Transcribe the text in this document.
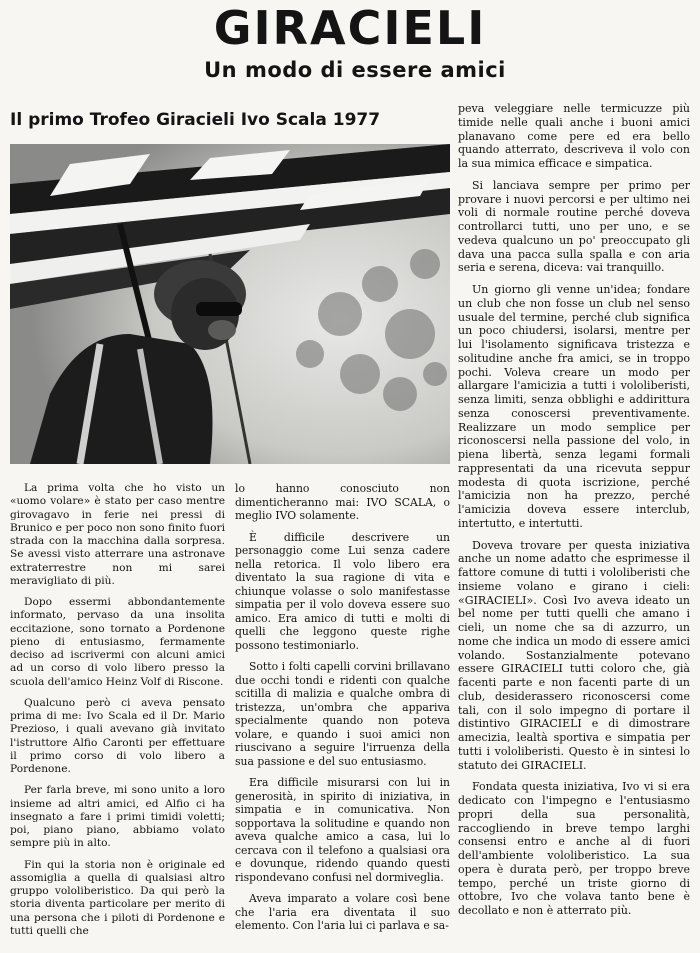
GIRACIELI
Un modo di essere amici
Il primo Trofeo Giracieli Ivo Scala 1977

La prima volta che ho visto un «uomo volare» è stato per caso mentre girovagavo in ferie nei pressi di Brunico e per poco non sono finito fuori strada con la macchina dalla sorpresa. Se avessi visto atterrare una astronave extraterrestre non mi sarei meravigliato di più.

Dopo essermi abbondantemente informato, pervaso da una insolita eccitazione, sono tornato a Pordenone pieno di entusiasmo, fermamente deciso ad iscrivermi con alcuni amici ad un corso di volo libero presso la scuola dell'amico Heinz Volf di Riscone.

Qualcuno però ci aveva pensato prima di me: Ivo Scala ed il Dr. Mario Prezioso, i quali avevano già invitato l'istruttore Alfio Caronti per effettuare il primo corso di volo libero a Pordenone.

Per farla breve, mi sono unito a loro insieme ad altri amici, ed Alfio ci ha insegnato a fare i primi timidi voletti; poi, piano piano, abbiamo volato sempre più in alto.

Fin qui la storia non è originale ed assomiglia a quella di qualsiasi altro gruppo vololiberistico. Da qui però la storia diventa particolare per merito di una persona che i piloti di Pordenone e tutti quelli che

lo hanno conosciuto non dimenticheranno mai: IVO SCALA, o meglio IVO solamente.

È difficile descrivere un personaggio come Lui senza cadere nella retorica. Il volo libero era diventato la sua ragione di vita e chiunque volasse o solo manifestasse simpatia per il volo doveva essere suo amico. Era amico di tutti e molti di quelli che leggono queste righe possono testimoniarlo.

Sotto i folti capelli corvini brillavano due occhi tondi e ridenti con qualche scitilla di malizia e qualche ombra di tristezza, un'ombra che appariva specialmente quando non poteva volare, e quando i suoi amici non riuscivano a seguire l'irruenza della sua passione e del suo entusiasmo.

Era difficile misurarsi con lui in generosità, in spirito di iniziativa, in simpatia e in comunicativa. Non sopportava la solitudine e quando non aveva qualche amico a casa, lui lo cercava con il telefono a qualsiasi ora e dovunque, ridendo quando questi rispondevano confusi nel dormiveglia.

Aveva imparato a volare così bene che l'aria era diventata il suo elemento. Con l'aria lui ci parlava e sa-

peva veleggiare nelle termicuzze più timide nelle quali anche i buoni amici planavano come pere ed era bello quando atterrato, descriveva il volo con la sua mimica efficace e simpatica.

Si lanciava sempre per primo per provare i nuovi percorsi e per ultimo nei voli di normale routine perché doveva controllarci tutti, uno per uno, e se vedeva qualcuno un po' preoccupato gli dava una pacca sulla spalla e con aria seria e serena, diceva: vai tranquillo.

Un giorno gli venne un'idea; fondare un club che non fosse un club nel senso usuale del termine, perché club significa un poco chiudersi, isolarsi, mentre per lui l'isolamento significava tristezza e solitudine anche fra amici, se in troppo pochi. Voleva creare un modo per allargare l'amicizia a tutti i vololiberisti, senza limiti, senza obblighi e addirittura senza conoscersi preventivamente. Realizzare un modo semplice per riconoscersi nella passione del volo, in piena libertà, senza legami formali rappresentati da una ricevuta seppur modesta di quota iscrizione, perché l'amicizia non ha prezzo, perché l'amicizia doveva essere interclub, intertutto, e intertutti.

Doveva trovare per questa iniziativa anche un nome adatto che esprimesse il fattore comune di tutti i vololiberisti che insieme volano e girano i cieli: «GIRACIELI». Così Ivo aveva ideato un bel nome per tutti quelli che amano i cieli, un nome che sa di azzurro, un nome che indica un modo di essere amici volando. Sostanzialmente potevano essere GIRACIELI tutti coloro che, già facenti parte e non facenti parte di un club, desiderassero riconoscersi come tali, con il solo impegno di portare il distintivo GIRACIELI e di dimostrare amecizia, lealtà sportiva e simpatia per tutti i vololiberisti. Questo è in sintesi lo statuto dei GIRACIELI.

Fondata questa iniziativa, Ivo vi si era dedicato con l'impegno e l'entusiasmo propri della sua personalità, raccogliendo in breve tempo larghi consensi entro e anche al di fuori dell'ambiente vololiberistico. La sua opera è durata però, per troppo breve tempo, perché un triste giorno di ottobre, Ivo che volava tanto bene è decollato e non è atterrato più.
